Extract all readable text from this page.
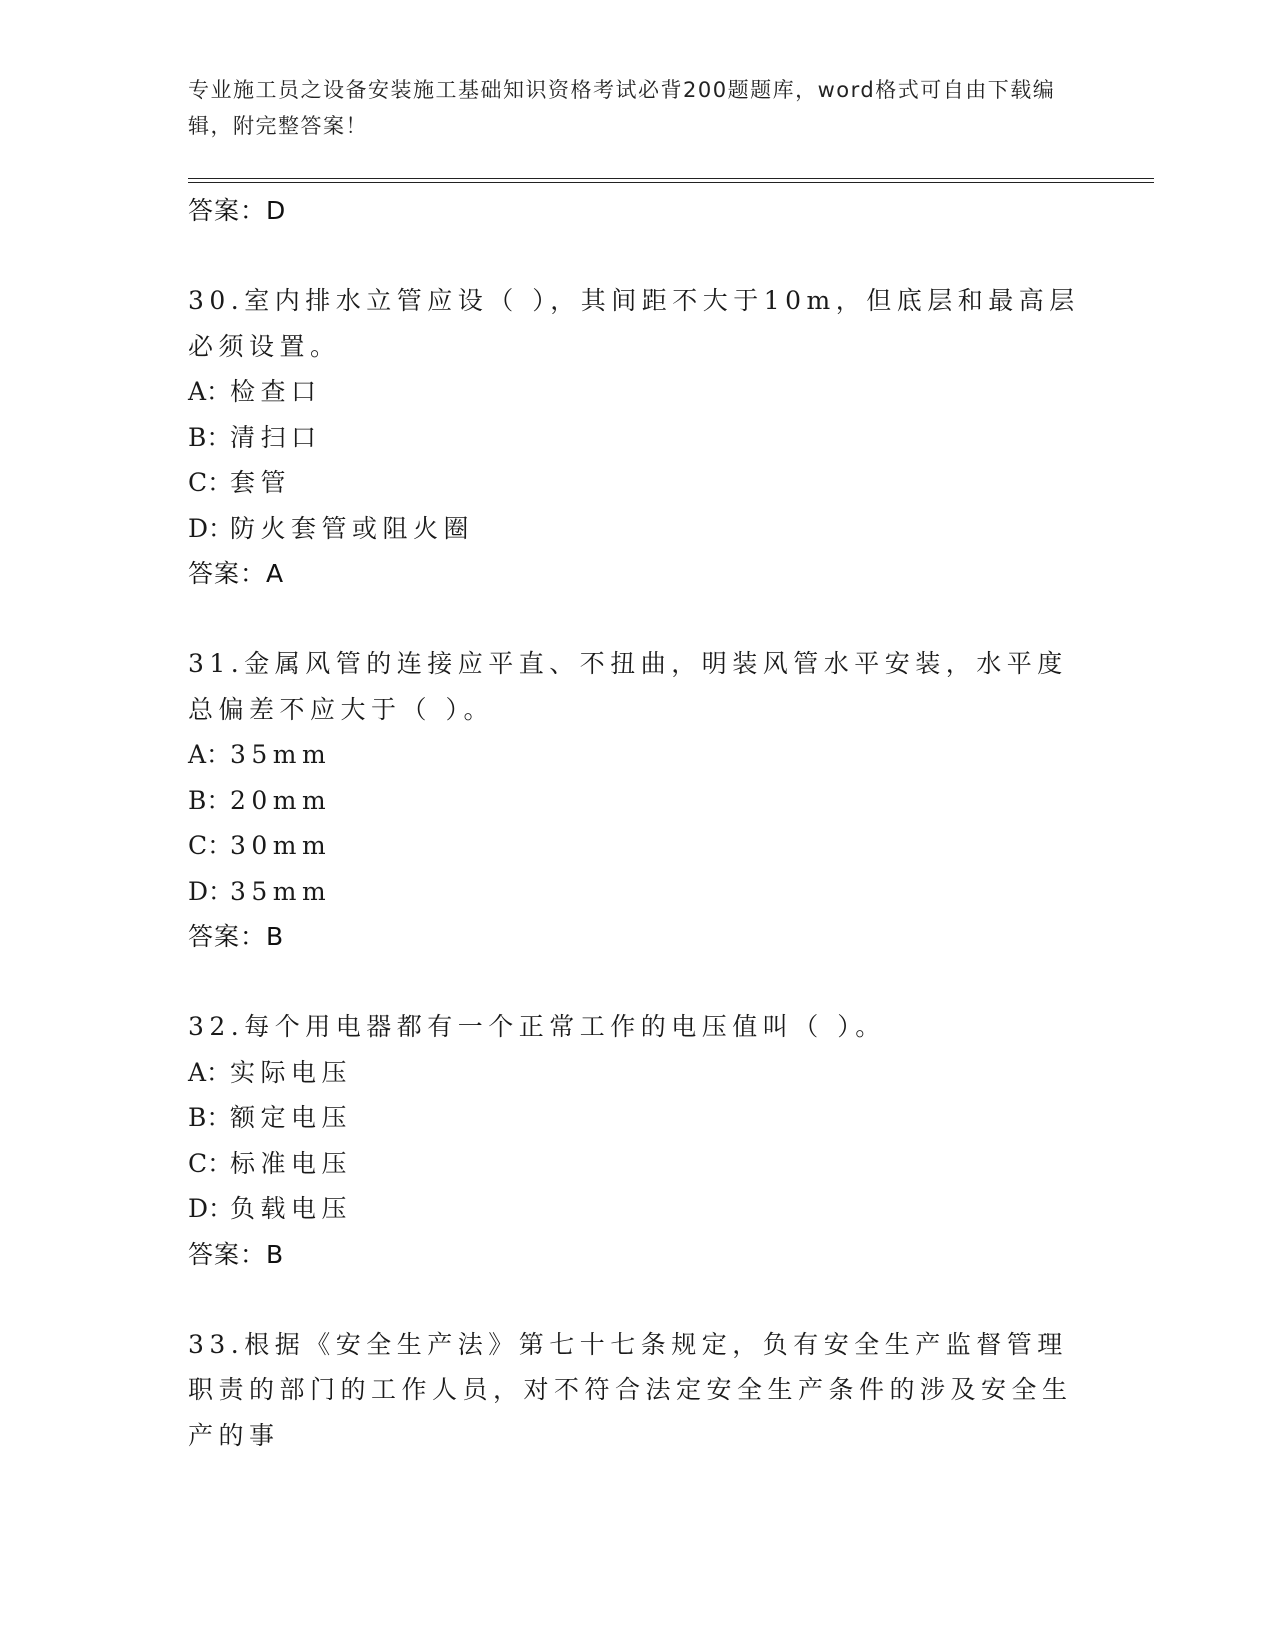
专业施工员之设备安装施工基础知识资格考试必背200题题库，word格式可自由下载编辑，附完整答案！
答案：D

30.室内排水立管应设（ ），其间距不大于10m，但底层和最高层必须设置。

A：检查口
B：清扫口
C：套管
D：防火套管或阻火圈
答案：A

31.金属风管的连接应平直、不扭曲，明装风管水平安装，水平度总偏差不应大于（ ）。

A：35mm
B：20mm
C：30mm
D：35mm
答案：B

32.每个用电器都有一个正常工作的电压值叫（ ）。

A：实际电压
B：额定电压
C：标准电压
D：负载电压
答案：B

33.根据《安全生产法》第七十七条规定，负有安全生产监督管理职责的部门的工作人员，对不符合法定安全生产条件的涉及安全生产的事
